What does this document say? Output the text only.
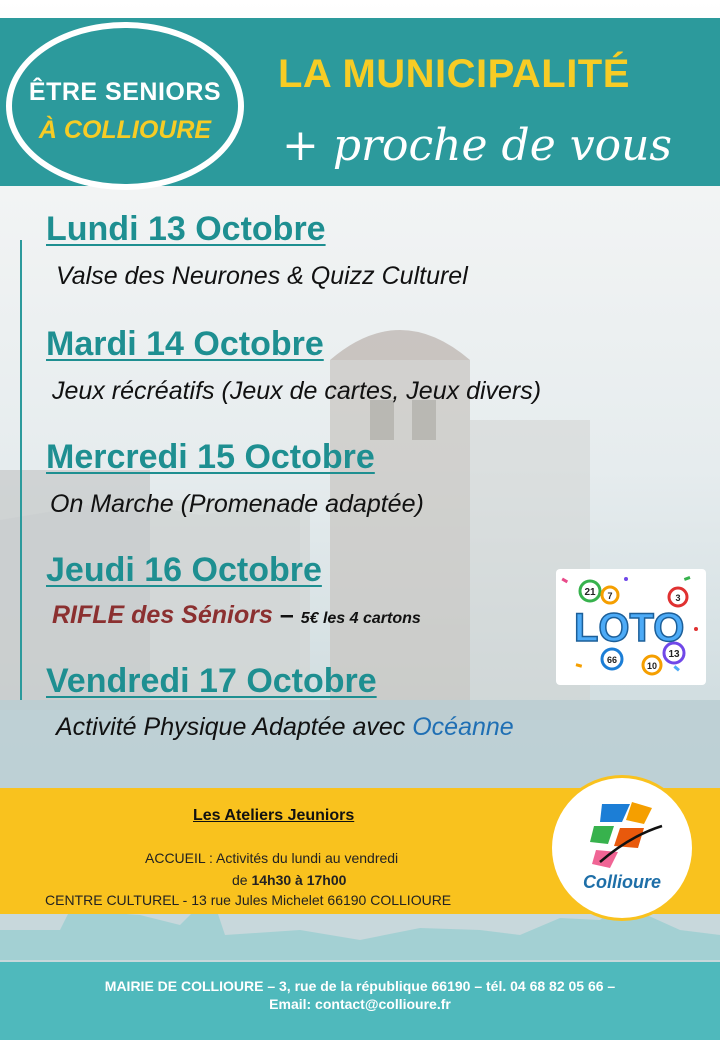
LA MUNICIPALITÉ
+ proche de vous
ÊTRE SENIORS
À COLLIOURE
Lundi 13 Octobre
Valse des Neurones & Quizz Culturel
Mardi 14 Octobre
Jeux récréatifs (Jeux de cartes, Jeux divers)
Mercredi 15 Octobre
On Marche (Promenade adaptée)
Jeudi 16 Octobre
RIFLE des Séniors – 5€ les 4 cartons
Vendredi 17 Octobre
Activité Physique Adaptée avec Océanne
21 7	3
66
10
13
LOTO
Les Ateliers Jeuniors
ACCUEIL : Activités du lundi au vendredi
de 14h30 à 17h00
CENTRE CULTUREL - 13 rue Jules Michelet 66190 COLLIOURE
Collioure
MAIRIE DE COLLIOURE – 3, rue de la république 66190 – tél. 04 68 82 05 66 –
Email: contact@collioure.fr
